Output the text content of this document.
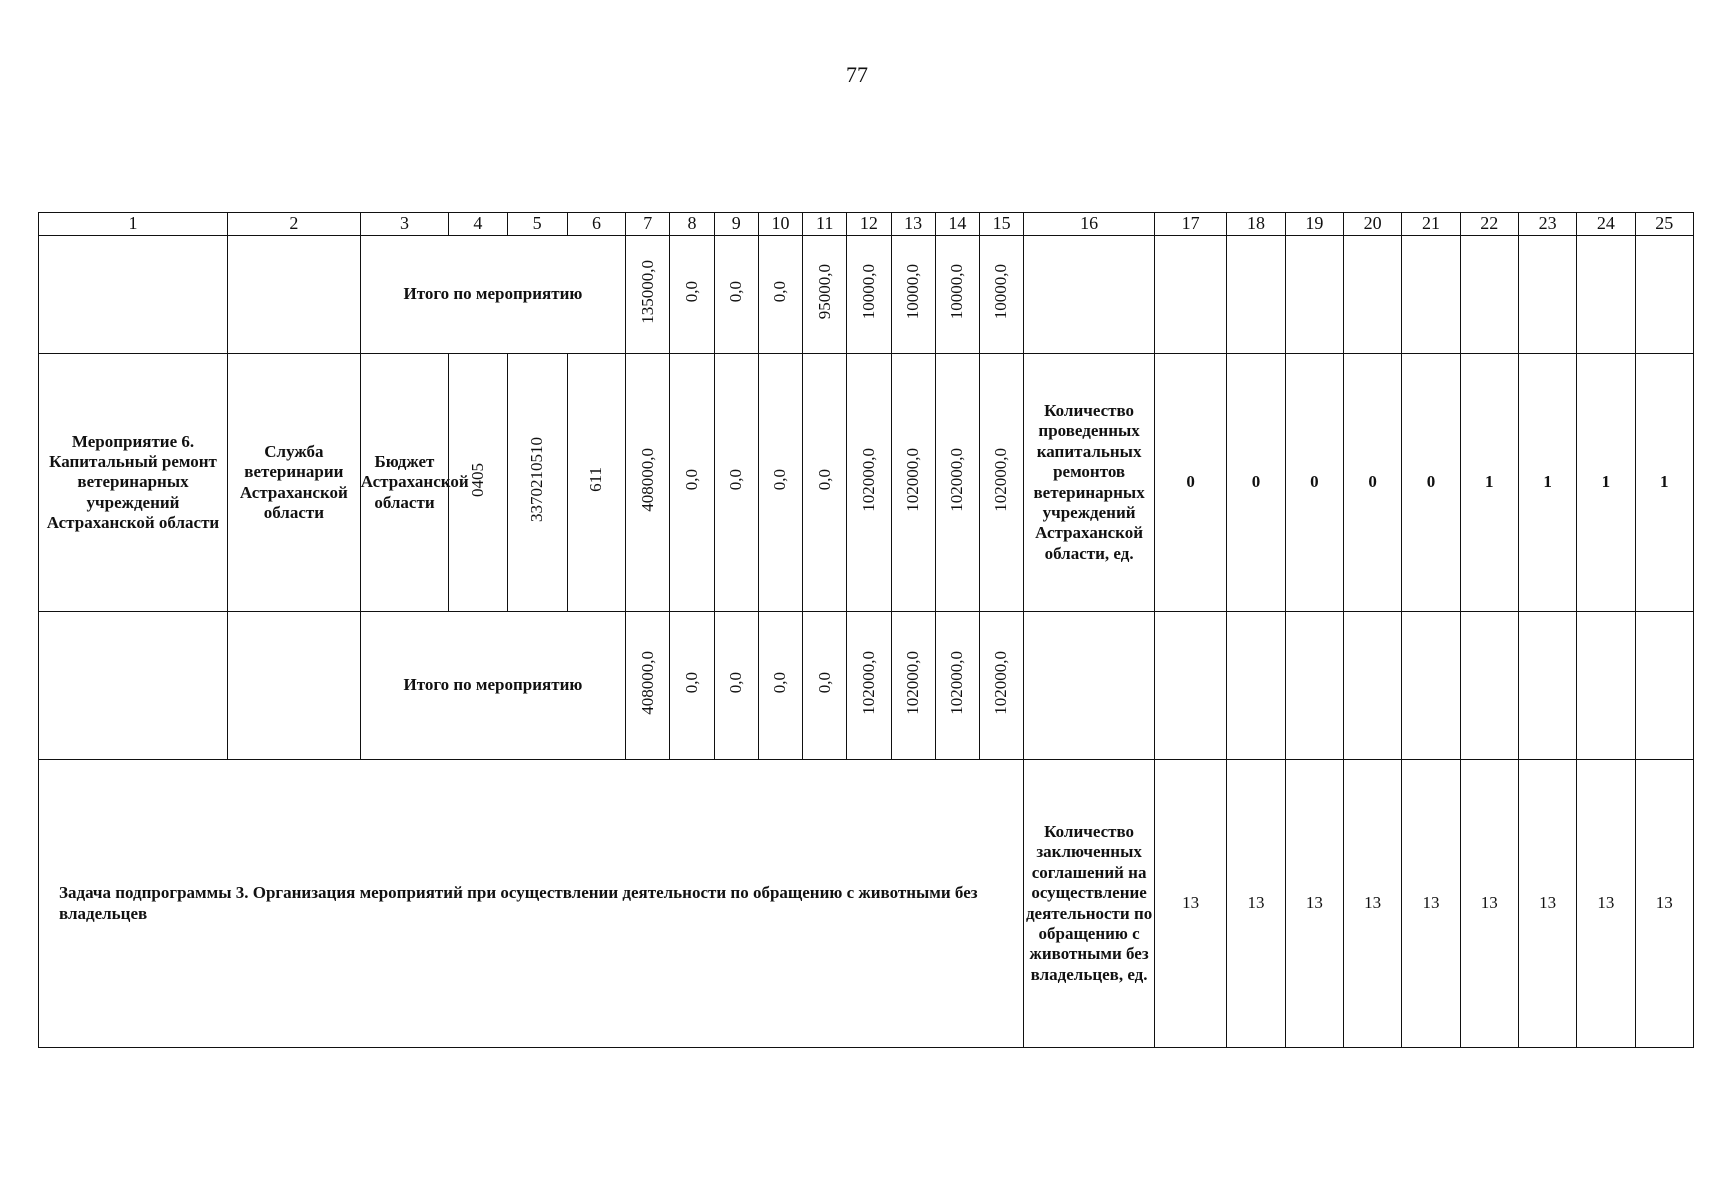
77
1	2	3	4	5	6	7	8	9	10	11	12	13	14	15	16	17	18	19	20	21	22	23	24	25
		Итого по мероприятию				135000,0	0,0	0,0	0,0	95000,0	10000,0	10000,0	10000,0	10000,0										
Мероприятие 6. Капитальный ремонт ветеринарных учреждений Астраханской области	Служба ветеринарии Астраханской области	Бюджет Астраханской области	0405	3370210510	611	408000,0	0,0	0,0	0,0	0,0	102000,0	102000,0	102000,0	102000,0	Количество проведенных капитальных ремонтов ветеринарных учреждений Астраханской области, ед.	0	0	0	0	0	1	1	1	1
		Итого по мероприятию				408000,0	0,0	0,0	0,0	0,0	102000,0	102000,0	102000,0	102000,0										
Задача подпрограммы 3. Организация мероприятий при осуществлении деятельности по обращению с животными без владельцев															Количество заключенных соглашений на осуществление деятельности по обращению с животными без владельцев, ед.	13	13	13	13	13	13	13	13	13
